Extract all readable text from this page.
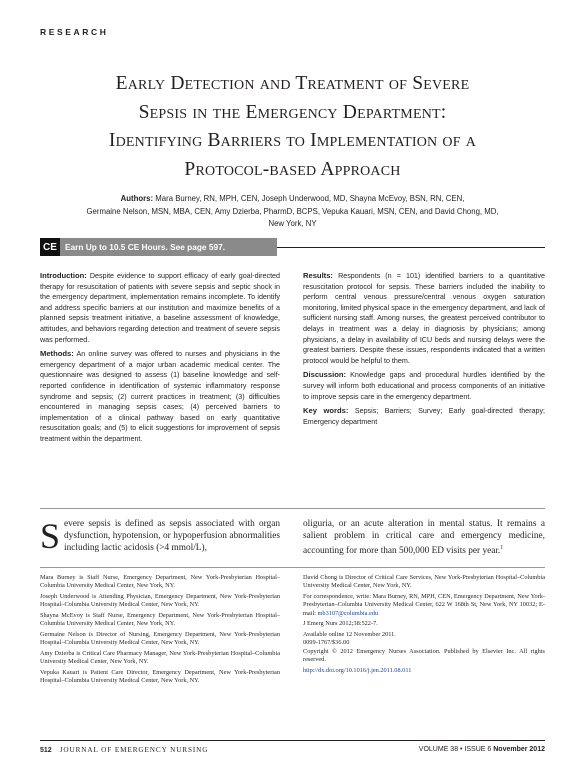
RESEARCH
Early Detection and Treatment of Severe
Sepsis in the Emergency Department:
Identifying Barriers to Implementation of a
Protocol-based Approach
Authors: Mara Burney, RN, MPH, CEN, Joseph Underwood, MD, Shayna McEvoy, BSN, RN, CEN,
Germaine Nelson, MSN, MBA, CEN, Amy Dzierba, PharmD, BCPS, Vepuka Kauari, MSN, CEN, and David Chong, MD,
New York, NY
CE Earn Up to 10.5 CE Hours. See page 597.

Introduction: Despite evidence to support efficacy of early goal-directed therapy for resuscitation of patients with severe sepsis and septic shock in the emergency department, implementation remains incomplete. To identify and address specific barriers at our institution and maximize benefits of a planned sepsis treatment initiative, a baseline assessment of knowledge, attitudes, and behaviors regarding detection and treatment of severe sepsis was performed.

Methods: An online survey was offered to nurses and physicians in the emergency department of a major urban academic medical center. The questionnaire was designed to assess (1) baseline knowledge and self-reported confidence in identification of systemic inflammatory response syndrome and sepsis; (2) current practices in treatment; (3) difficulties encountered in managing sepsis cases; (4) perceived barriers to implementation of a clinical pathway based on early quantitative resuscitation goals; and (5) to elicit suggestions for improvement of sepsis treatment within the department.

Results: Respondents (n = 101) identified barriers to a quantitative resuscitation protocol for sepsis. These barriers included the inability to perform central venous pressure/central venous oxygen saturation monitoring, limited physical space in the emergency department, and lack of sufficient nursing staff. Among nurses, the greatest perceived contributor to delays in treatment was a delay in diagnosis by physicians; among physicians, a delay in availability of ICU beds and nursing delays were the greatest barriers. Despite these issues, respondents indicated that a written protocol would be helpful to them.

Discussion: Knowledge gaps and procedural hurdles identified by the survey will inform both educational and process components of an initiative to improve sepsis care in the emergency department.

Key words: Sepsis; Barriers; Survey; Early goal-directed therapy; Emergency department

Severe sepsis is defined as sepsis associated with organ dysfunction, hypotension, or hypoperfusion abnormalities including lactic acidosis (>4 mmol/L),
oliguria, or an acute alteration in mental status. It remains a salient problem in critical care and emergency medicine, accounting for more than 500,000 ED visits per year.$^1$

Mara Burney is Staff Nurse, Emergency Department, New York-Presbyterian Hospital–Columbia University Medical Center, New York, NY.

Joseph Underwood is Attending Physician, Emergency Department, New York-Presbyterian Hospital–Columbia University Medical Center, New York, NY.

Shayna McEvoy is Staff Nurse, Emergency Department, New York-Presbyterian Hospital–Columbia University Medical Center, New York, NY.

Germaine Nelson is Director of Nursing, Emergency Department, New York-Presbyterian Hospital–Columbia University Medical Center, New York, NY.

Amy Dzierba is Critical Care Pharmacy Manager, New York-Presbyterian Hospital–Columbia University Medical Center, New York, NY.

Vepuka Kauari is Patient Care Director, Emergency Department, New York-Presbyterian Hospital–Columbia University Medical Center, New York, NY.

David Chong is Director of Critical Care Services, New York-Presbyterian Hospital–Columbia University Medical Center, New York, NY.

For correspondence, write: Mara Burney, RN, MPH, CEN, Emergency Department, New York-Presbyterian–Columbia University Medical Center, 622 W 168th St, New York, NY 10032; E-mail: mb3107@columbia.edu

J Emerg Nurs 2012;38:522-7.

Available online 12 November 2011.

0099-1767/$36.00

Copyright © 2012 Emergency Nurses Association. Published by Elsevier Inc. All rights reserved.

http://dx.doi.org/10.1016/j.jen.2011.08.011

512 JOURNAL OF EMERGENCY NURSING	VOLUME 38 • ISSUE 6 November 2012
